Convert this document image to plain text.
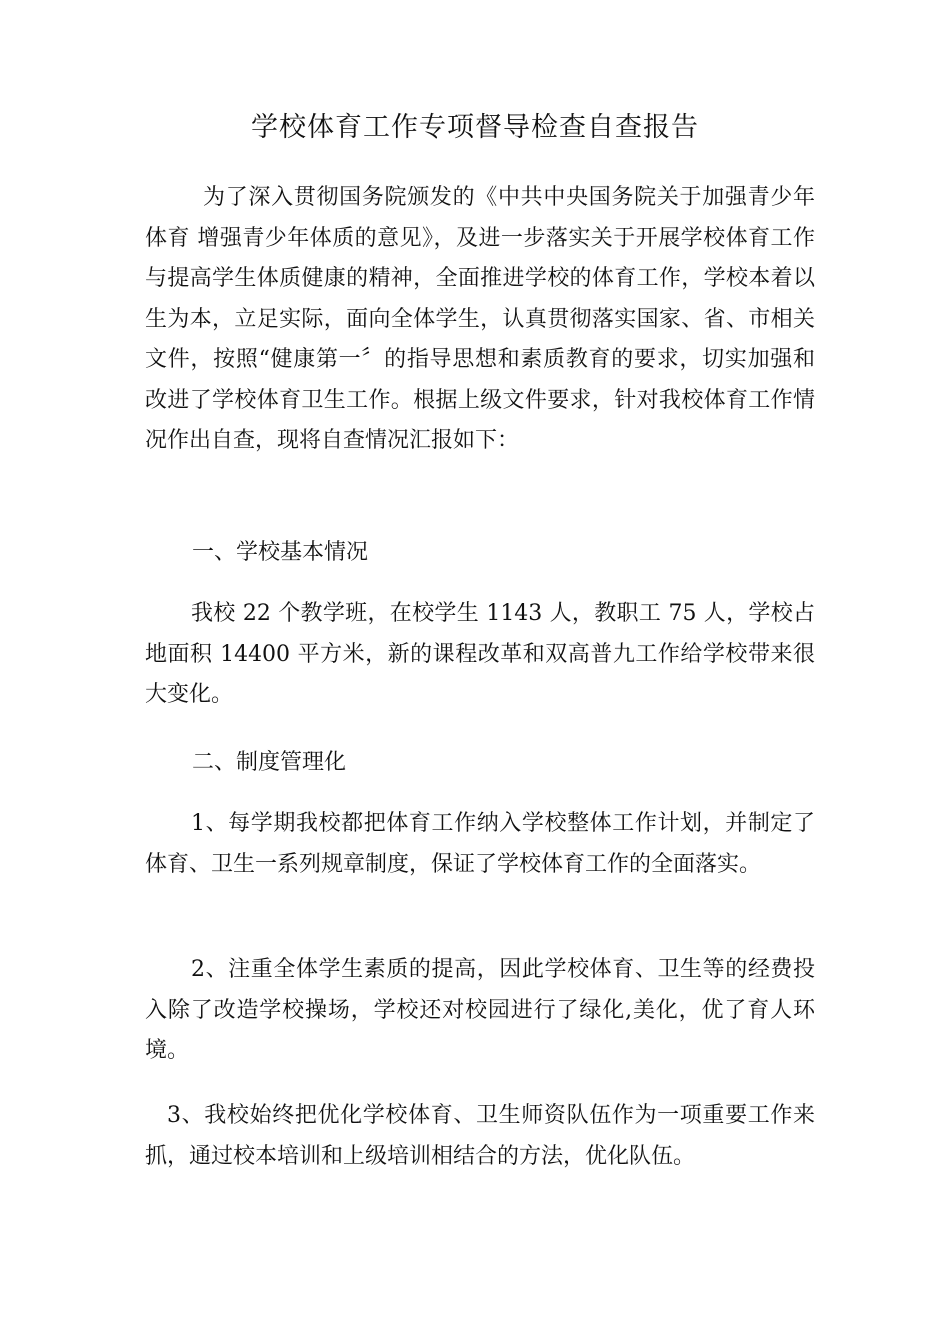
学校体育工作专项督导检查自查报告

为了深入贯彻国务院颁发的《中共中央国务院关于加强青少年体育 增强青少年体质的意见》，及进一步落实关于开展学校体育工作与提高学生体质健康的精神，全面推进学校的体育工作，学校本着以生为本，立足实际，面向全体学生，认真贯彻落实国家、省、市相关文件，按照“健康第一〞的指导思想和素质教育的要求，切实加强和改进了学校体育卫生工作。根据上级文件要求，针对我校体育工作情况作出自查，现将自查情况汇报如下：

一、学校基本情况

我校 22 个教学班，在校学生 1143 人，教职工 75 人，学校占地面积 14400 平方米，新的课程改革和双高普九工作给学校带来很大变化。

二、制度管理化

1、每学期我校都把体育工作纳入学校整体工作计划，并制定了体育、卫生一系列规章制度，保证了学校体育工作的全面落实。

2、注重全体学生素质的提高，因此学校体育、卫生等的经费投入除了改造学校操场，学校还对校园进行了绿化,美化，优了育人环境。

3、我校始终把优化学校体育、卫生师资队伍作为一项重要工作来抓，通过校本培训和上级培训相结合的方法，优化队伍。
